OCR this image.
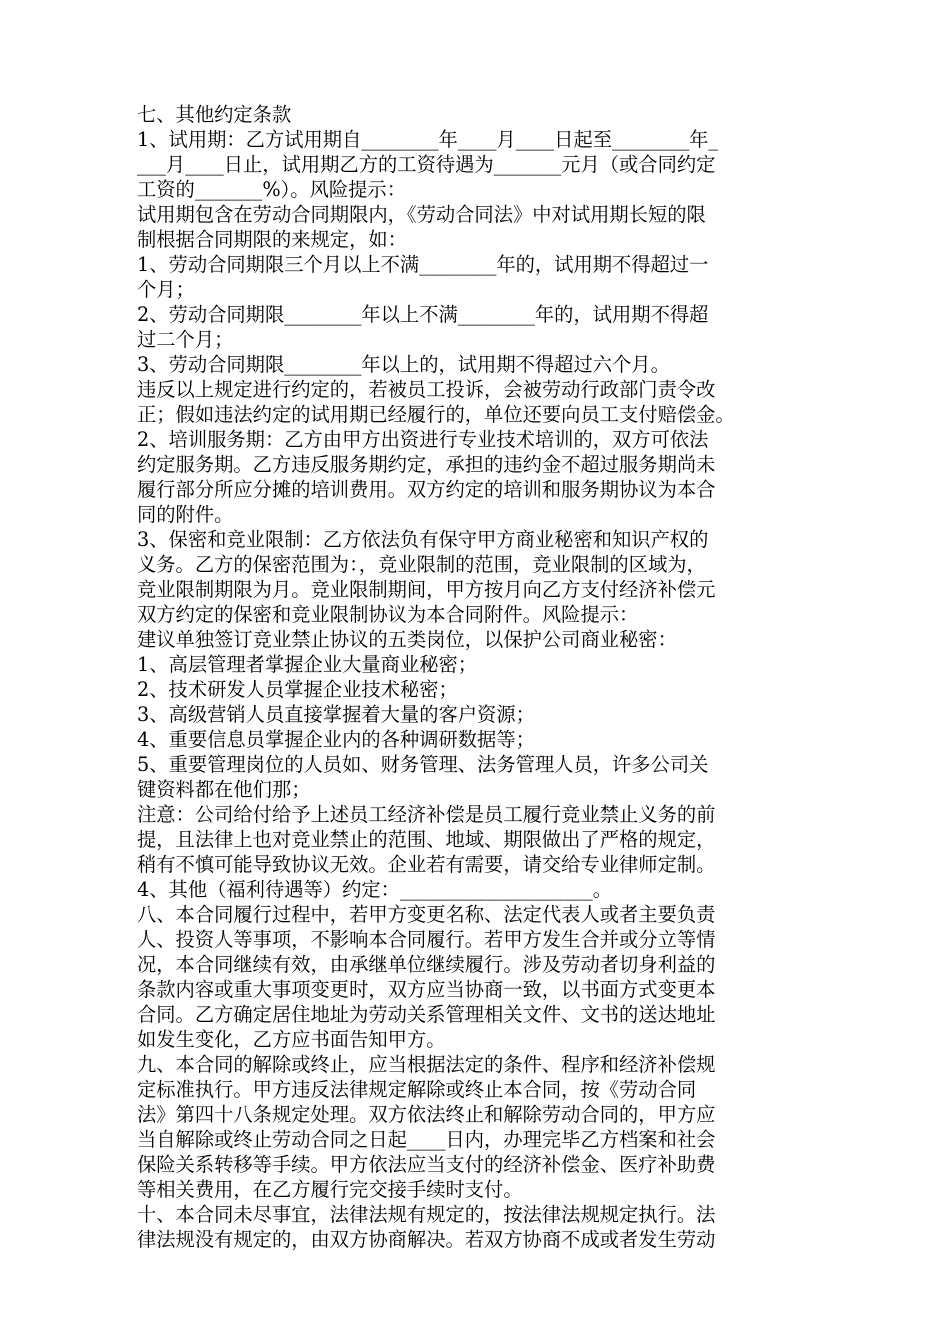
七、其他约定条款
1、试用期：乙方试用期自________年____月____日起至________年_
___月____日止，试用期乙方的工资待遇为_______元月（或合同约定
工资的_______%）。风险提示：
试用期包含在劳动合同期限内，《劳动合同法》中对试用期长短的限
制根据合同期限的来规定，如：
1、劳动合同期限三个月以上不满________年的，试用期不得超过一
个月；
2、劳动合同期限________年以上不满________年的，试用期不得超
过二个月；
3、劳动合同期限________年以上的，试用期不得超过六个月。
违反以上规定进行约定的，若被员工投诉，会被劳动行政部门责令改
正；假如违法约定的试用期已经履行的，单位还要向员工支付赔偿金。
2、培训服务期：乙方由甲方出资进行专业技术培训的，双方可依法
约定服务期。乙方违反服务期约定，承担的违约金不超过服务期尚未
履行部分所应分摊的培训费用。双方约定的培训和服务期协议为本合
同的附件。
3、保密和竞业限制：乙方依法负有保守甲方商业秘密和知识产权的
义务。乙方的保密范围为：，竞业限制的范围，竞业限制的区域为，
竞业限制期限为月。竞业限制期间，甲方按月向乙方支付经济补偿元
双方约定的保密和竞业限制协议为本合同附件。风险提示：
建议单独签订竞业禁止协议的五类岗位，以保护公司商业秘密：
1、高层管理者掌握企业大量商业秘密；
2、技术研发人员掌握企业技术秘密；
3、高级营销人员直接掌握着大量的客户资源；
4、重要信息员掌握企业内的各种调研数据等；
5、重要管理岗位的人员如、财务管理、法务管理人员，许多公司关
键资料都在他们那；
注意：公司给付给予上述员工经济补偿是员工履行竞业禁止义务的前
提，且法律上也对竞业禁止的范围、地域、期限做出了严格的规定，
稍有不慎可能导致协议无效。企业若有需要，请交给专业律师定制。
4、其他（福利待遇等）约定：____________________。
八、本合同履行过程中，若甲方变更名称、法定代表人或者主要负责
人、投资人等事项，不影响本合同履行。若甲方发生合并或分立等情
况，本合同继续有效，由承继单位继续履行。涉及劳动者切身利益的
条款内容或重大事项变更时，双方应当协商一致，以书面方式变更本
合同。乙方确定居住地址为劳动关系管理相关文件、文书的送达地址
如发生变化，乙方应书面告知甲方。
九、本合同的解除或终止，应当根据法定的条件、程序和经济补偿规
定标准执行。甲方违反法律规定解除或终止本合同，按《劳动合同
法》第四十八条规定处理。双方依法终止和解除劳动合同的，甲方应
当自解除或终止劳动合同之日起____日内，办理完毕乙方档案和社会
保险关系转移等手续。甲方依法应当支付的经济补偿金、医疗补助费
等相关费用，在乙方履行完交接手续时支付。
十、本合同未尽事宜，法律法规有规定的，按法律法规规定执行。法
律法规没有规定的，由双方协商解决。若双方协商不成或者发生劳动
